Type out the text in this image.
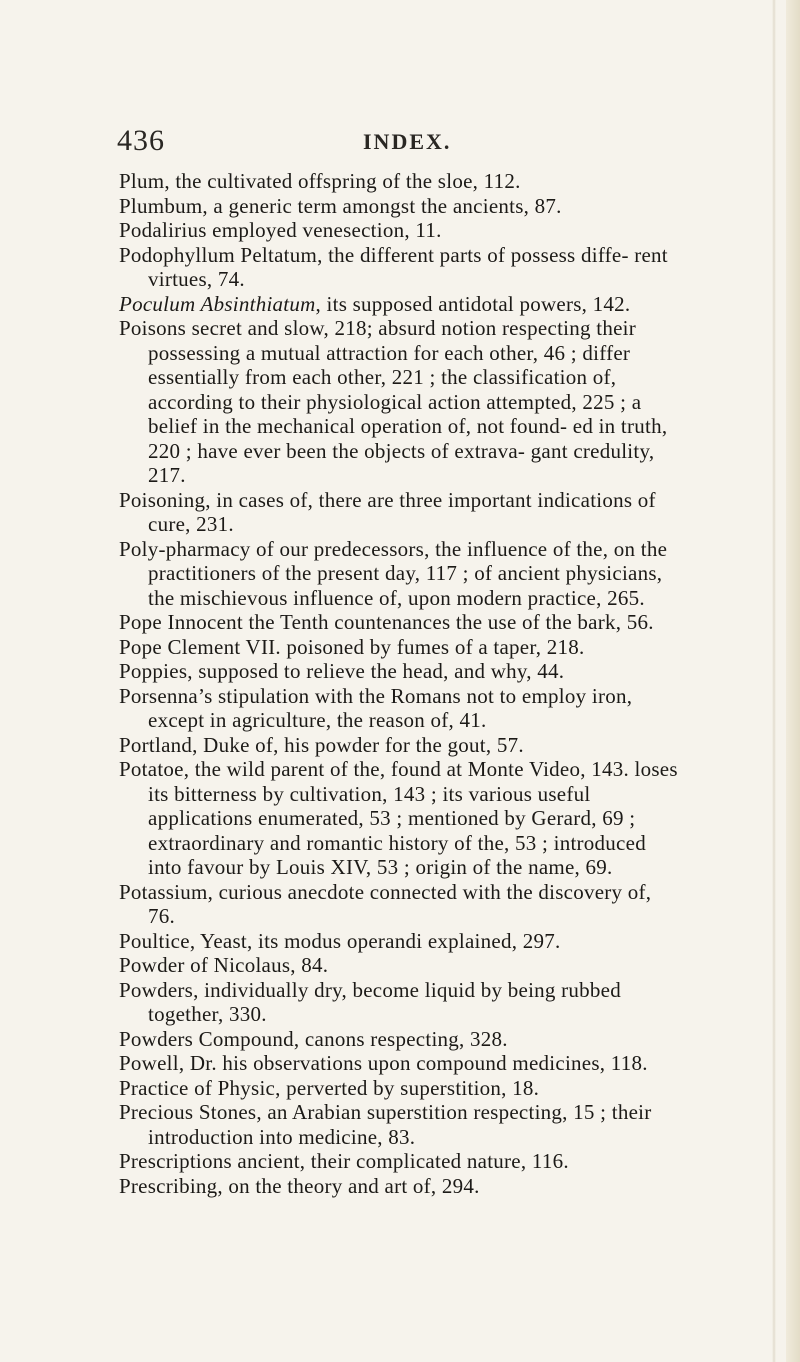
436	INDEX.

Plum, the cultivated offspring of the sloe, 112.

Plumbum, a generic term amongst the ancients, 87.

Podalirius employed venesection, 11.

Podophyllum Peltatum, the different parts of possess diffe- rent virtues, 74.

Poculum Absinthiatum, its supposed antidotal powers, 142.

Poisons secret and slow, 218; absurd notion respecting their possessing a mutual attraction for each other, 46 ; differ essentially from each other, 221 ; the classification of, according to their physiological action attempted, 225 ; a belief in the mechanical operation of, not found- ed in truth, 220 ; have ever been the objects of extrava- gant credulity, 217.

Poisoning, in cases of, there are three important indications of cure, 231.

Poly-pharmacy of our predecessors, the influence of the, on the practitioners of the present day, 117 ; of ancient physicians, the mischievous influence of, upon modern practice, 265.

Pope Innocent the Tenth countenances the use of the bark, 56.

Pope Clement VII. poisoned by fumes of a taper, 218.

Poppies, supposed to relieve the head, and why, 44.

Porsenna’s stipulation with the Romans not to employ iron, except in agriculture, the reason of, 41.

Portland, Duke of, his powder for the gout, 57.

Potatoe, the wild parent of the, found at Monte Video, 143. loses its bitterness by cultivation, 143 ; its various useful applications enumerated, 53 ; mentioned by Gerard, 69 ; extraordinary and romantic history of the, 53 ; introduced into favour by Louis XIV, 53 ; origin of the name, 69.

Potassium, curious anecdote connected with the discovery of, 76.

Poultice, Yeast, its modus operandi explained, 297.

Powder of Nicolaus, 84.

Powders, individually dry, become liquid by being rubbed together, 330.

Powders Compound, canons respecting, 328.

Powell, Dr. his observations upon compound medicines, 118.

Practice of Physic, perverted by superstition, 18.

Precious Stones, an Arabian superstition respecting, 15 ; their introduction into medicine, 83.

Prescriptions ancient, their complicated nature, 116.

Prescribing, on the theory and art of, 294.
